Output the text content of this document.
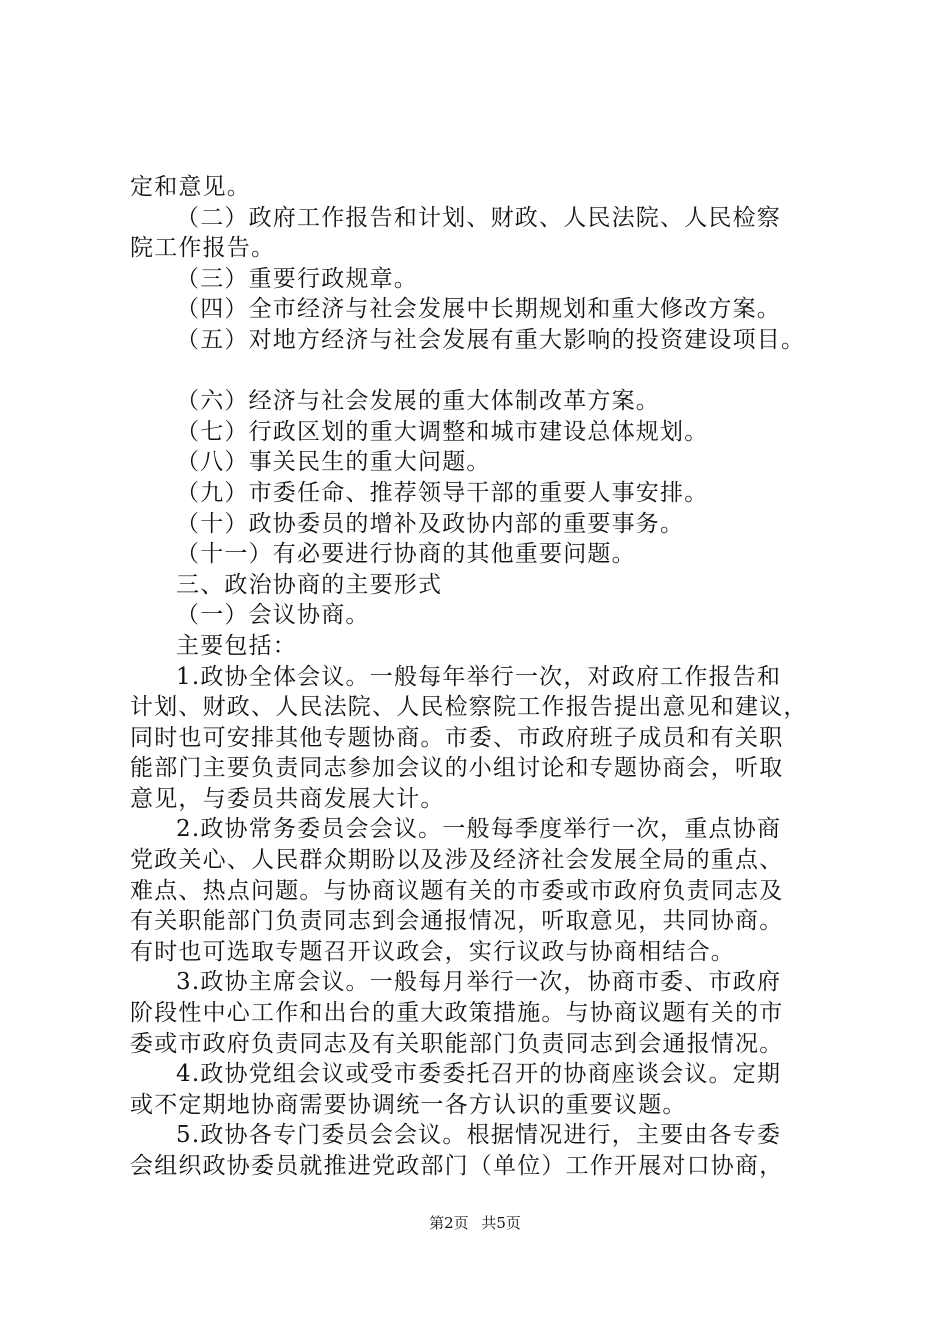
定和意见。
（二）政府工作报告和计划、财政、人民法院、人民检察
院工作报告。
（三）重要行政规章。
（四）全市经济与社会发展中长期规划和重大修改方案。
（五）对地方经济与社会发展有重大影响的投资建设项目。
（六）经济与社会发展的重大体制改革方案。
（七）行政区划的重大调整和城市建设总体规划。
（八）事关民生的重大问题。
（九）市委任命、推荐领导干部的重要人事安排。
（十）政协委员的增补及政协内部的重要事务。
（十一）有必要进行协商的其他重要问题。
三、政治协商的主要形式
（一）会议协商。
主要包括：
1.政协全体会议。一般每年举行一次，对政府工作报告和
计划、财政、人民法院、人民检察院工作报告提出意见和建议，
同时也可安排其他专题协商。市委、市政府班子成员和有关职
能部门主要负责同志参加会议的小组讨论和专题协商会，听取
意见，与委员共商发展大计。
2.政协常务委员会会议。一般每季度举行一次，重点协商
党政关心、人民群众期盼以及涉及经济社会发展全局的重点、
难点、热点问题。与协商议题有关的市委或市政府负责同志及
有关职能部门负责同志到会通报情况，听取意见，共同协商。
有时也可选取专题召开议政会，实行议政与协商相结合。
3.政协主席会议。一般每月举行一次，协商市委、市政府
阶段性中心工作和出台的重大政策措施。与协商议题有关的市
委或市政府负责同志及有关职能部门负责同志到会通报情况。
4.政协党组会议或受市委委托召开的协商座谈会议。定期
或不定期地协商需要协调统一各方认识的重要议题。
5.政协各专门委员会会议。根据情况进行，主要由各专委
会组织政协委员就推进党政部门（单位）工作开展对口协商，
第2页 共5页
